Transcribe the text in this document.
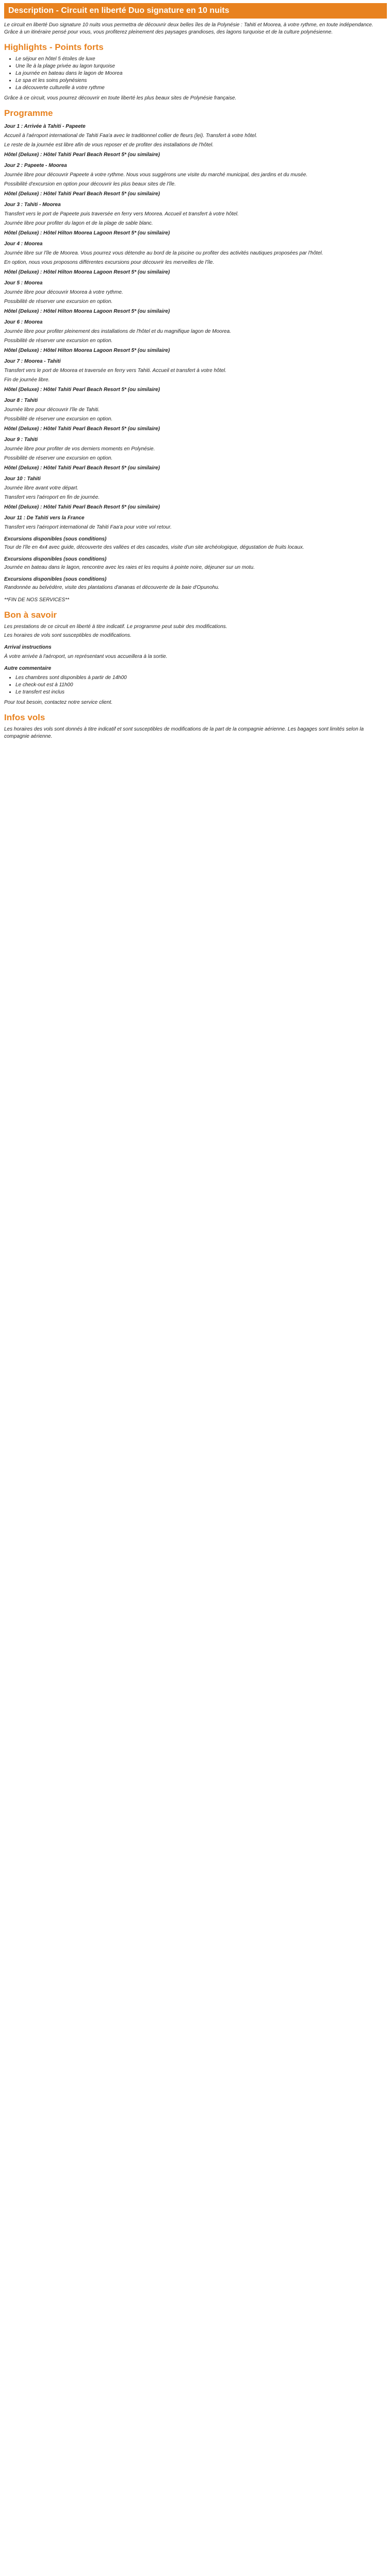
Description - Circuit en liberté Duo signature en 10 nuits

Le circuit en liberté Duo signature 10 nuits vous permettra de découvrir deux belles îles de la Polynésie : Tahiti et Moorea, à votre rythme, en toute indépendance. Grâce à un itinéraire pensé pour vous, vous profiterez pleinement des paysages grandioses, des lagons turquoise et de la culture polynésienne.

Highlights - Points forts
• Le séjour en hôtel 5 étoiles de luxe
• Une île à la plage privée au lagon turquoise
• La journée en bateau dans le lagon de Moorea
• Le spa et les soins polynésiens
• La découverte culturelle à votre rythme

Grâce à ce circuit, vous pourrez découvrir en toute liberté les plus beaux sites de Polynésie française.

Programme
Jour 1 : Arrivée à Tahiti - Papeete

Accueil à l'aéroport international de Tahiti Faa'a avec le traditionnel collier de fleurs (lei). Transfert à votre hôtel.

Le reste de la journée est libre afin de vous reposer et de profiter des installations de l'hôtel.

Hôtel (Deluxe) : Hôtel Tahiti Pearl Beach Resort 5* (ou similaire)
Jour 2 : Papeete - Moorea

Journée libre pour découvrir Papeete à votre rythme. Nous vous suggérons une visite du marché municipal, des jardins et du musée.

Possibilité d'excursion en option pour découvrir les plus beaux sites de l'île.

Hôtel (Deluxe) : Hôtel Tahiti Pearl Beach Resort 5* (ou similaire)
Jour 3 : Tahiti - Moorea

Transfert vers le port de Papeete puis traversée en ferry vers Moorea. Accueil et transfert à votre hôtel.

Journée libre pour profiter du lagon et de la plage de sable blanc.

Hôtel (Deluxe) : Hôtel Hilton Moorea Lagoon Resort 5* (ou similaire)
Jour 4 : Moorea

Journée libre sur l'île de Moorea. Vous pourrez vous détendre au bord de la piscine ou profiter des activités nautiques proposées par l'hôtel.

En option, nous vous proposons différentes excursions pour découvrir les merveilles de l'île.

Hôtel (Deluxe) : Hôtel Hilton Moorea Lagoon Resort 5* (ou similaire)
Jour 5 : Moorea

Journée libre pour découvrir Moorea à votre rythme.

Possibilité de réserver une excursion en option.

Hôtel (Deluxe) : Hôtel Hilton Moorea Lagoon Resort 5* (ou similaire)
Jour 6 : Moorea

Journée libre pour profiter pleinement des installations de l'hôtel et du magnifique lagon de Moorea.

Possibilité de réserver une excursion en option.

Hôtel (Deluxe) : Hôtel Hilton Moorea Lagoon Resort 5* (ou similaire)
Jour 7 : Moorea - Tahiti

Transfert vers le port de Moorea et traversée en ferry vers Tahiti. Accueil et transfert à votre hôtel.

Fin de journée libre.

Hôtel (Deluxe) : Hôtel Tahiti Pearl Beach Resort 5* (ou similaire)
Jour 8 : Tahiti

Journée libre pour découvrir l'île de Tahiti.

Possibilité de réserver une excursion en option.

Hôtel (Deluxe) : Hôtel Tahiti Pearl Beach Resort 5* (ou similaire)
Jour 9 : Tahiti

Journée libre pour profiter de vos derniers moments en Polynésie.

Possibilité de réserver une excursion en option.

Hôtel (Deluxe) : Hôtel Tahiti Pearl Beach Resort 5* (ou similaire)
Jour 10 : Tahiti

Journée libre avant votre départ.

Transfert vers l'aéroport en fin de journée.

Hôtel (Deluxe) : Hôtel Tahiti Pearl Beach Resort 5* (ou similaire)
Jour 11 : De Tahiti vers la France

Transfert vers l'aéroport international de Tahiti Faa'a pour votre vol retour.

Excursions disponibles (sous conditions)

Tour de l'île en 4x4 avec guide, découverte des vallées et des cascades, visite d'un site archéologique, dégustation de fruits locaux.

Excursions disponibles (sous conditions)

Journée en bateau dans le lagon, rencontre avec les raies et les requins à pointe noire, déjeuner sur un motu.

Excursions disponibles (sous conditions)

Randonnée au belvédère, visite des plantations d'ananas et découverte de la baie d'Opunohu.

**FIN DE NOS SERVICES**

Bon à savoir

Les prestations de ce circuit en liberté à titre indicatif. Le programme peut subir des modifications.

Les horaires de vols sont susceptibles de modifications.

Arrival instructions

À votre arrivée à l'aéroport, un représentant vous accueillera à la sortie.

Autre commentaire
• Les chambres sont disponibles à partir de 14h00
• Le check-out est à 11h00
• Le transfert est inclus

Pour tout besoin, contactez notre service client.

Infos vols

Les horaires des vols sont donnés à titre indicatif et sont susceptibles de modifications de la part de la compagnie aérienne. Les bagages sont limités selon la compagnie aérienne.
